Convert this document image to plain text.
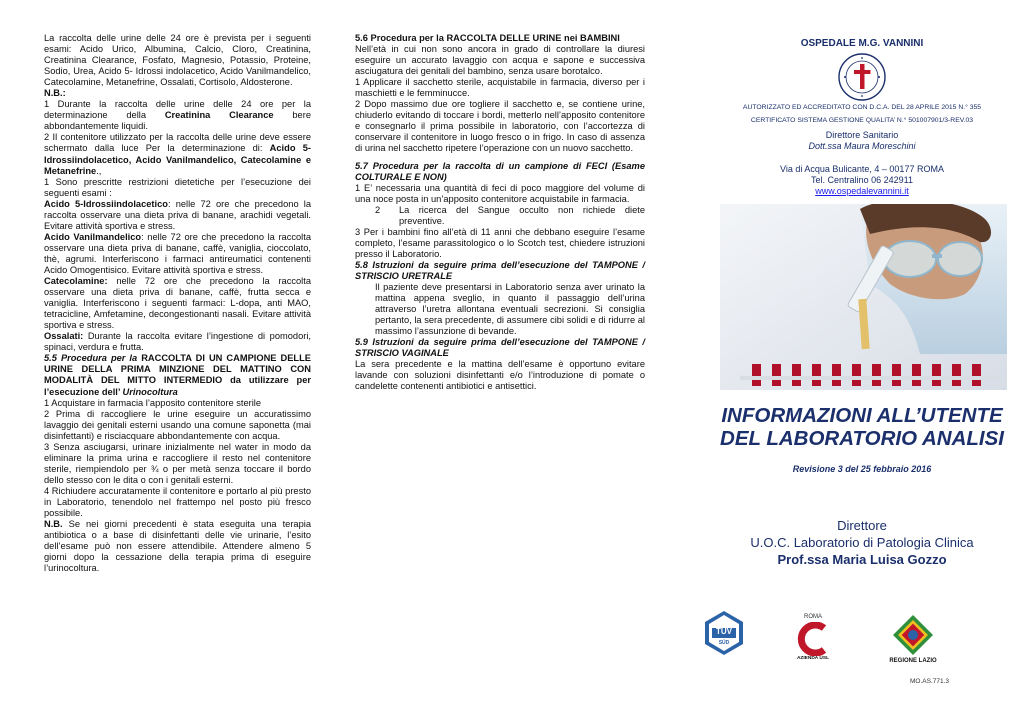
La raccolta delle urine delle 24 ore è prevista per i seguenti esami: Acido Urico, Albumina, Calcio, Cloro, Creatinina, Creatinina Clearance, Fosfato, Magnesio, Potassio, Proteine, Sodio, Urea, Acido 5- Idrossi indolacetico, Acido Vanilmandelico, Catecolamine, Metanefrine, Ossalati, Cortisolo, Aldosterone.

N.B.:

1 Durante la raccolta delle urine delle 24 ore per la determinazione della Creatinina Clearance bere abbondantemente liquidi.

2 Il contenitore utilizzato per la raccolta delle urine deve essere schermato dalla luce Per la determinazione di: Acido 5- Idrossiindolacetico, Acido Vanilmandelico, Catecolamine e Metanefrine.,

1 Sono prescritte restrizioni dietetiche per l’esecuzione dei seguenti esami :

Acido 5-Idrossiindolacetico: nelle 72 ore che precedono la raccolta osservare una dieta priva di banane, arachidi vegetali. Evitare attività sportiva e stress.

Acido Vanilmandelico: nelle 72 ore che precedono la raccolta osservare una dieta priva di banane, caffè, vaniglia, cioccolato, thè, agrumi. Interferiscono i farmaci antireumatici contenenti Acido Omogentisico. Evitare attività sportiva e stress.

Catecolamine: nelle 72 ore che precedono la raccolta osservare una dieta priva di banane, caffè, frutta secca e vaniglia. Interferiscono i seguenti farmaci: L-dopa, anti MAO, tetracicline, Amfetamine, decongestionanti nasali. Evitare attività sportiva e stress.

Ossalati: Durante la raccolta evitare l’ingestione di pomodori, spinaci, verdura e frutta.

5.5 Procedura per la RACCOLTA DI UN CAMPIONE DELLE URINE DELLA PRIMA MINZIONE DEL MATTINO CON MODALITÀ DEL MITTO INTERMEDIO da utilizzare per l’esecuzione dell’ Urinocoltura

1 Acquistare in farmacia l’apposito contenitore sterile

2 Prima di raccogliere le urine eseguire un accuratissimo lavaggio dei genitali esterni usando una comune saponetta (mai disinfettanti) e risciacquare abbondantemente con acqua.

3 Senza asciugarsi, urinare inizialmente nel water in modo da eliminare la prima urina e raccogliere il resto nel contenitore sterile, riempiendolo per ¾ o per metà senza toccare il bordo dello stesso con le dita o con i genitali esterni.

4 Richiudere accuratamente il contenitore e portarlo al più presto in Laboratorio, tenendolo nel frattempo nel posto più fresco possibile.

N.B. Se nei giorni precedenti è stata eseguita una terapia antibiotica o a base di disinfettanti delle vie urinarie, l’esito dell’esame può non essere attendibile. Attendere almeno 5 giorni dopo la cessazione della terapia prima di eseguire l’urinocoltura.

5.6 Procedura per la RACCOLTA DELLE URINE nei BAMBINI

Nell’età in cui non sono ancora in grado di controllare la diuresi eseguire un accurato lavaggio con acqua e sapone e successiva asciugatura dei genitali del bambino, senza usare borotalco.

1 Applicare il sacchetto sterile, acquistabile in farmacia, diverso per i maschietti e le femminucce.

2 Dopo massimo due ore togliere il sacchetto e, se contiene urine, chiuderlo evitando di toccare i bordi, metterlo nell’apposito contenitore e consegnarlo il prima possibile in laboratorio, con l’accortezza di conservare il contenitore in luogo fresco o in frigo. In caso di assenza di urina nel sacchetto ripetere l’operazione con un nuovo sacchetto.

5.7 Procedura per la raccolta di un campione di FECI (Esame COLTURALE E NON)

1 E’ necessaria una quantità di feci di poco maggiore del volume di una noce posta in un’apposito contenitore acquistabile in farmacia.

2	La ricerca del Sangue occulto non richiede diete preventive.

3 Per i bambini fino all’età di 11 anni che debbano eseguire l’esame completo, l’esame parassitologico o lo Scotch test, chiedere istruzioni presso il Laboratorio.

5.8 Istruzioni da seguire prima dell’esecuzione del TAMPONE / STRISCIO URETRALE

Il paziente deve presentarsi in Laboratorio senza aver urinato la mattina appena sveglio, in quanto il passaggio dell’urina attraverso l’uretra allontana eventuali secrezioni. Si consiglia pertanto, la sera precedente, di assumere cibi solidi e di ridurre al massimo l’assunzione di bevande.

5.9 Istruzioni da seguire prima dell’esecuzione del TAMPONE / STRISCIO VAGINALE

La sera precedente e la mattina dell’esame è opportuno evitare lavande con soluzioni disinfettanti e/o l’introduzione di pomate o candelette contenenti antibiotici e antisettici.

OSPEDALE M.G. VANNINI
AUTORIZZATO ED ACCREDITATO CON D.C.A. DEL 28 APRILE 2015 N.° 355
CERTIFICATO SISTEMA GESTIONE QUALITA’ N.° 501007901/3-REV.03
Direttore Sanitario
Dott.ssa Maura Moreschini
Via di Acqua Bulicante, 4 – 00177 ROMA
Tel. Centralino 06 242911
www.ospedalevannini.it
INFORMAZIONI ALL’UTENTE
DEL LABORATORIO ANALISI
Revisione 3 del 25 febbraio 2016
Direttore
U.O.C. Laboratorio di Patologia Clinica
Prof.ssa Maria Luisa Gozzo
TÜV
SÜD
ROMA
AZIENDA USL	REGIONE LAZIO
MO.AS.771.3
